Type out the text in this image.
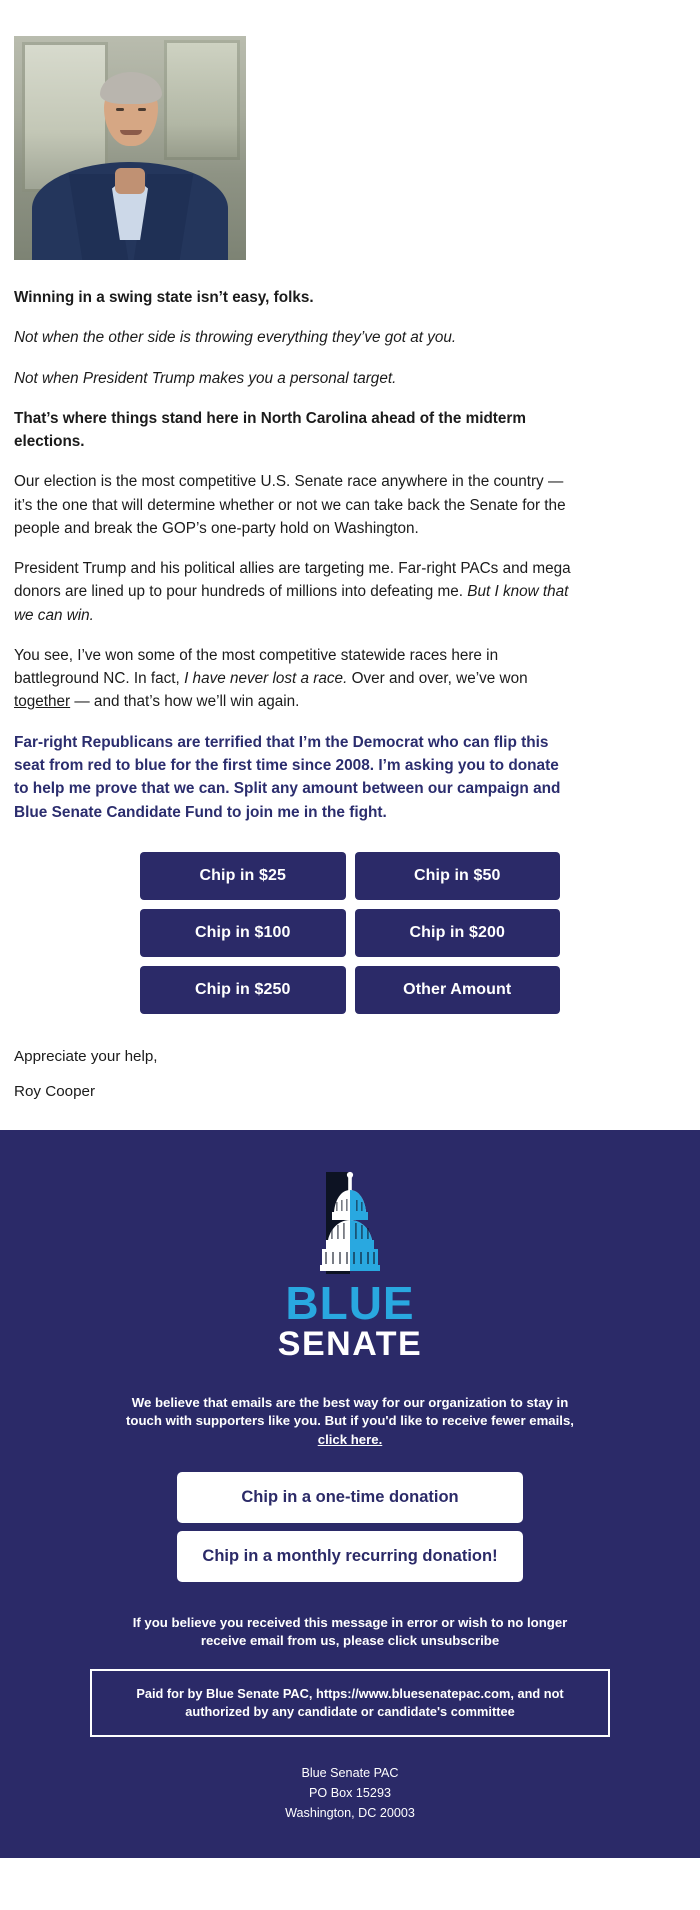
Winning in a swing state isn’t easy, folks.

Not when the other side is throwing everything they’ve got at you.

Not when President Trump makes you a personal target.

That’s where things stand here in North Carolina ahead of the midterm elections.

Our election is the most competitive U.S. Senate race anywhere in the country — it’s the one that will determine whether or not we can take back the Senate for the people and break the GOP’s one-party hold on Washington.

President Trump and his political allies are targeting me. Far-right PACs and mega donors are lined up to pour hundreds of millions into defeating me. But I know that we can win.

You see, I’ve won some of the most competitive statewide races here in battleground NC. In fact, I have never lost a race. Over and over, we’ve won together — and that’s how we’ll win again.

Far-right Republicans are terrified that I’m the Democrat who can flip this seat from red to blue for the first time since 2008. I’m asking you to donate to help me prove that we can. Split any amount between our campaign and Blue Senate Candidate Fund to join me in the fight.

Chip in $25	Chip in $50
Chip in $100	Chip in $200
Chip in $250	Other Amount

Appreciate your help,

Roy Cooper

BLUE
SENATE
We believe that emails are the best way for our organization to stay in touch with supporters like you. But if you'd like to receive fewer emails, click here.
Chip in a one-time donation
Chip in a monthly recurring donation!
If you believe you received this message in error or wish to no longer receive email from us, please click unsubscribe
Paid for by Blue Senate PAC, https://www.bluesenatepac.com, and not authorized by any candidate or candidate's committee
Blue Senate PAC
PO Box 15293
Washington, DC 20003
